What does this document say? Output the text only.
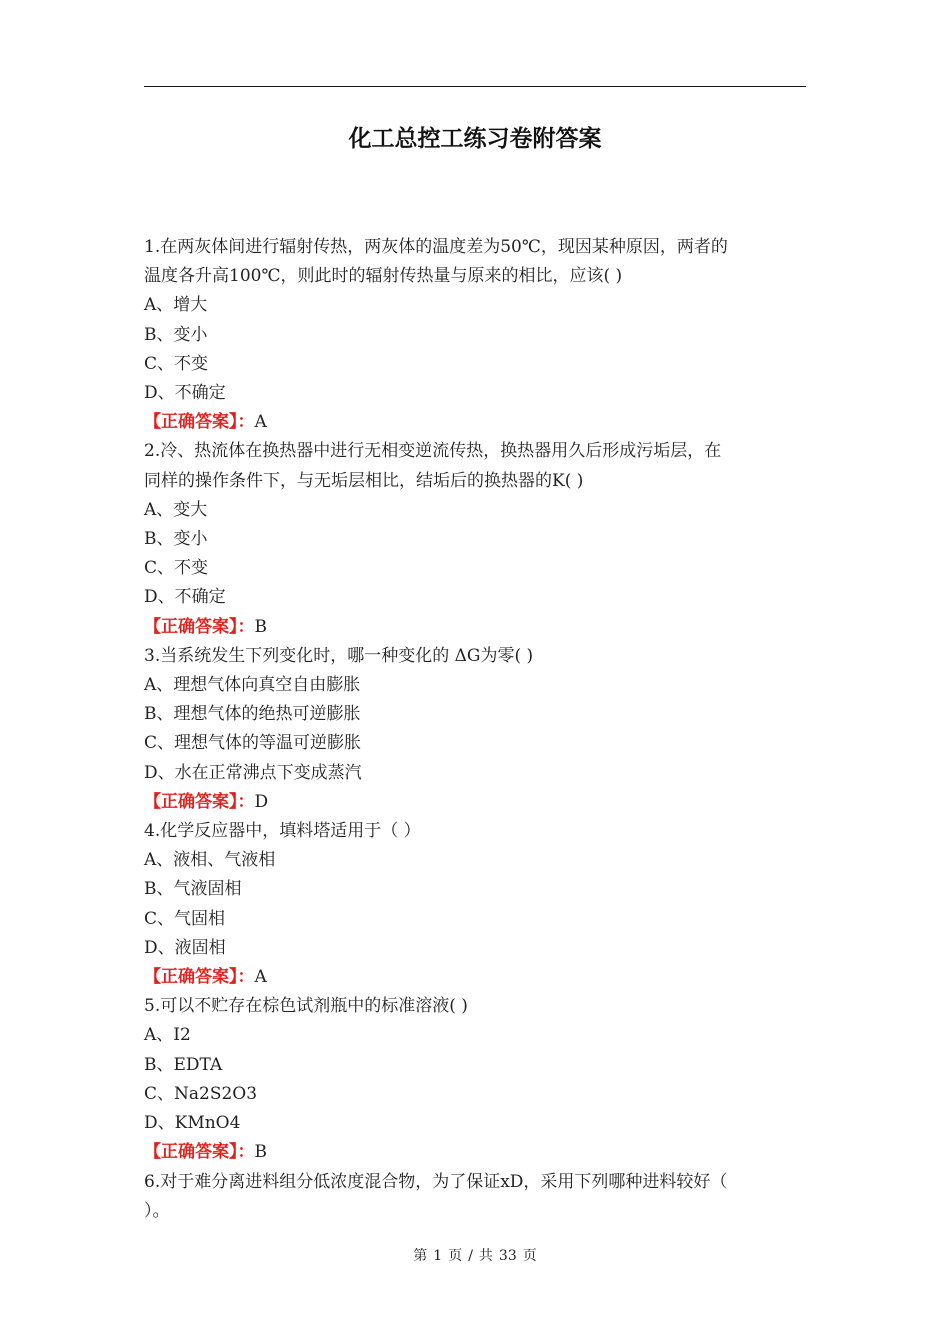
化工总控工练习卷附答案
1.在两灰体间进行辐射传热，两灰体的温度差为50℃，现因某种原因，两者的
温度各升高100℃，则此时的辐射传热量与原来的相比，应该( )
A、增大
B、变小
C、不变
D、不确定
【正确答案】：A
2.冷、热流体在换热器中进行无相变逆流传热，换热器用久后形成污垢层，在
同样的操作条件下，与无垢层相比，结垢后的换热器的K( )
A、变大
B、变小
C、不变
D、不确定
【正确答案】：B
3.当系统发生下列变化时，哪一种变化的 ΔG为零( )
A、理想气体向真空自由膨胀
B、理想气体的绝热可逆膨胀
C、理想气体的等温可逆膨胀
D、水在正常沸点下变成蒸汽
【正确答案】：D
4.化学反应器中，填料塔适用于（ ）
A、液相、气液相
B、气液固相
C、气固相
D、液固相
【正确答案】：A
5.可以不贮存在棕色试剂瓶中的标准溶液( )
A、I2
B、EDTA
C、Na2S2O3
D、KMnO4
【正确答案】：B
6.对于难分离进料组分低浓度混合物，为了保证xD，采用下列哪种进料较好（
）。
第 1 页 / 共 33 页
